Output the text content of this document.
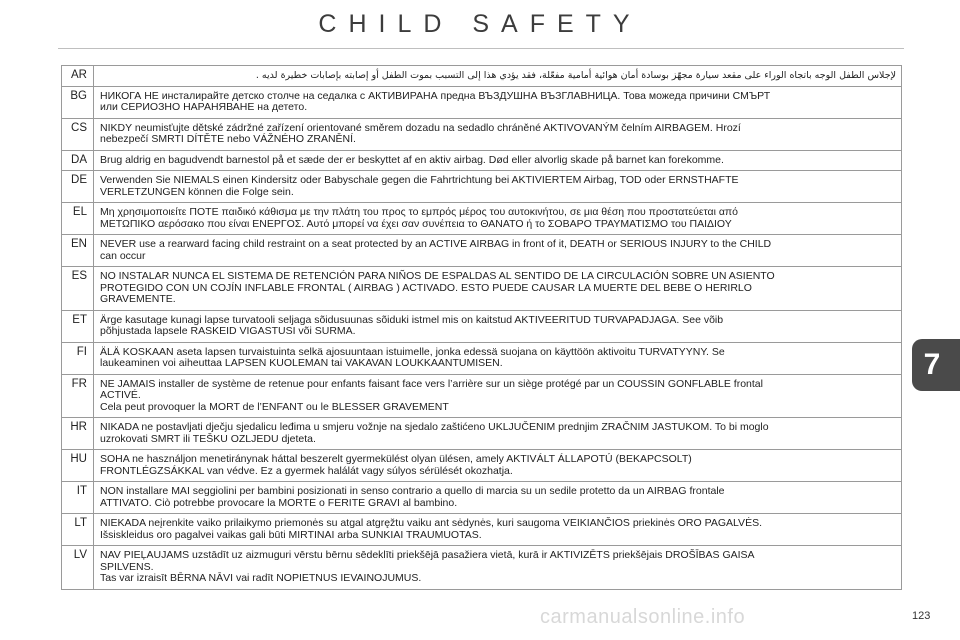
CHILD SAFETY
AR	لإجلاس الطفل الوجه باتجاه الوراء على مقعد سيارة مجهّز بوسادة أمان هوائية أمامية مفعّلة، فقد يؤدي هذا إلى التسبب بموت الطفل أو إصابته بإصابات خطيرة لديه .

BG	НИКОГА НЕ инсталирайте детско столче на седалка с АКТИВИРАНА предна ВЪЗДУШНА ВЪЗГЛАВНИЦА. Това можеда причини СМЪРТ
или СЕРИОЗНО НАРАНЯВАНЕ на детето.

CS	NIKDY neumisťujte dětské zádržné zařízení orientované směrem dozadu na sedadlo chráněné AKTIVOVANÝM čelním AIRBAGEM. Hrozí
nebezpečí SMRTI DÍTĚTE nebo VÁŽNÉHO ZRANĚNÍ.

DA	Brug aldrig en bagudvendt barnestol på et sæde der er beskyttet af en aktiv airbag. Død eller alvorlig skade på barnet kan forekomme.

DE	Verwenden Sie NIEMALS einen Kindersitz oder Babyschale gegen die Fahrtrichtung bei AKTIVIERTEM Airbag, TOD oder ERNSTHAFTE
VERLETZUNGEN können die Folge sein.

EL	Μη χρησιμοποιείτε ΠΟΤΕ παιδικό κάθισμα με την πλάτη του προς το εμπρός μέρος του αυτοκινήτου, σε μια θέση που προστατεύεται από
ΜΕΤΩΠΙΚΟ αερόσακο που είναι ΕΝΕΡΓΟΣ. Αυτό μπορεί να έχει σαν συνέπεια το ΘΑΝΑΤΟ ή το ΣΟΒΑΡΟ ΤΡΑΥΜΑΤΙΣΜΟ του ΠΑΙΔΙΟΥ

EN	NEVER use a rearward facing child restraint on a seat protected by an ACTIVE AIRBAG in front of it, DEATH or SERIOUS INJURY to the CHILD
can occur

ES	NO INSTALAR NUNCA EL SISTEMA DE RETENCIÓN PARA NIÑOS DE ESPALDAS AL SENTIDO DE LA CIRCULACIÓN SOBRE UN ASIENTO
PROTEGIDO CON UN COJÍN INFLABLE FRONTAL ( AIRBAG ) ACTIVADO. ESTO PUEDE CAUSAR LA MUERTE DEL BEBE O HERIRLO
GRAVEMENTE.

ET	Ärge kasutage kunagi lapse turvatooli seljaga sõidusuunas sõiduki istmel mis on kaitstud AKTIVEERITUD TURVAPADJAGA. See võib
põhjustada lapsele RASKEID VIGASTUSI või SURMA.

FI	ÄLÄ KOSKAAN aseta lapsen turvaistuinta selkä ajosuuntaan istuimelle, jonka edessä suojana on käyttöön aktivoitu TURVATYYNY. Se
laukeaminen voi aiheuttaa LAPSEN KUOLEMAN tai VAKAVAN LOUKKAANTUMISEN.

FR	NE JAMAIS installer de système de retenue pour enfants faisant face vers l’arrière sur un siège protégé par un COUSSIN GONFLABLE frontal
ACTIVÉ.
Cela peut provoquer la MORT de l’ENFANT ou le BLESSER GRAVEMENT

HR	NIKADA ne postavljati dječju sjedalicu leđima u smjeru vožnje na sjedalo zaštićeno UKLJUČENIM prednjim ZRAČNIM JASTUKOM. To bi moglo
uzrokovati SMRT ili TEŠKU OZLJEDU djeteta.

HU	SOHA ne használjon menetiránynak háttal beszerelt gyermekülést olyan ülésen, amely AKTIVÁLT ÁLLAPOTÚ (BEKAPCSOLT)
FRONTLÉGZSÁKKAL van védve. Ez a gyermek halálát vagy súlyos sérülését okozhatja.

IT	NON installare MAI seggiolini per bambini posizionati in senso contrario a quello di marcia su un sedile protetto da un AIRBAG frontale
ATTIVATO. Ciò potrebbe provocare la MORTE o FERITE GRAVI al bambino.

LT	NIEKADA neįrenkite vaiko prilaikymo priemonės su atgal atgręžtu vaiku ant sėdynės, kuri saugoma VEIKIANČIOS priekinės ORO PAGALVĖS.
Išsiskleidus oro pagalvei vaikas gali būti MIRTINAI arba SUNKIAI TRAUMUOTAS.

LV	NAV PIEĻAUJAMS uzstādīt uz aizmuguri vērstu bērnu sēdeklīti priekšējā pasažiera vietā, kurā ir AKTIVIZĒTS priekšējais DROŠĪBAS GAISA
SPILVENS.
Tas var izraisīt BĒRNA NĀVI vai radīt NOPIETNUS IEVAINOJUMUS.
7
carmanualsonline.info	123
